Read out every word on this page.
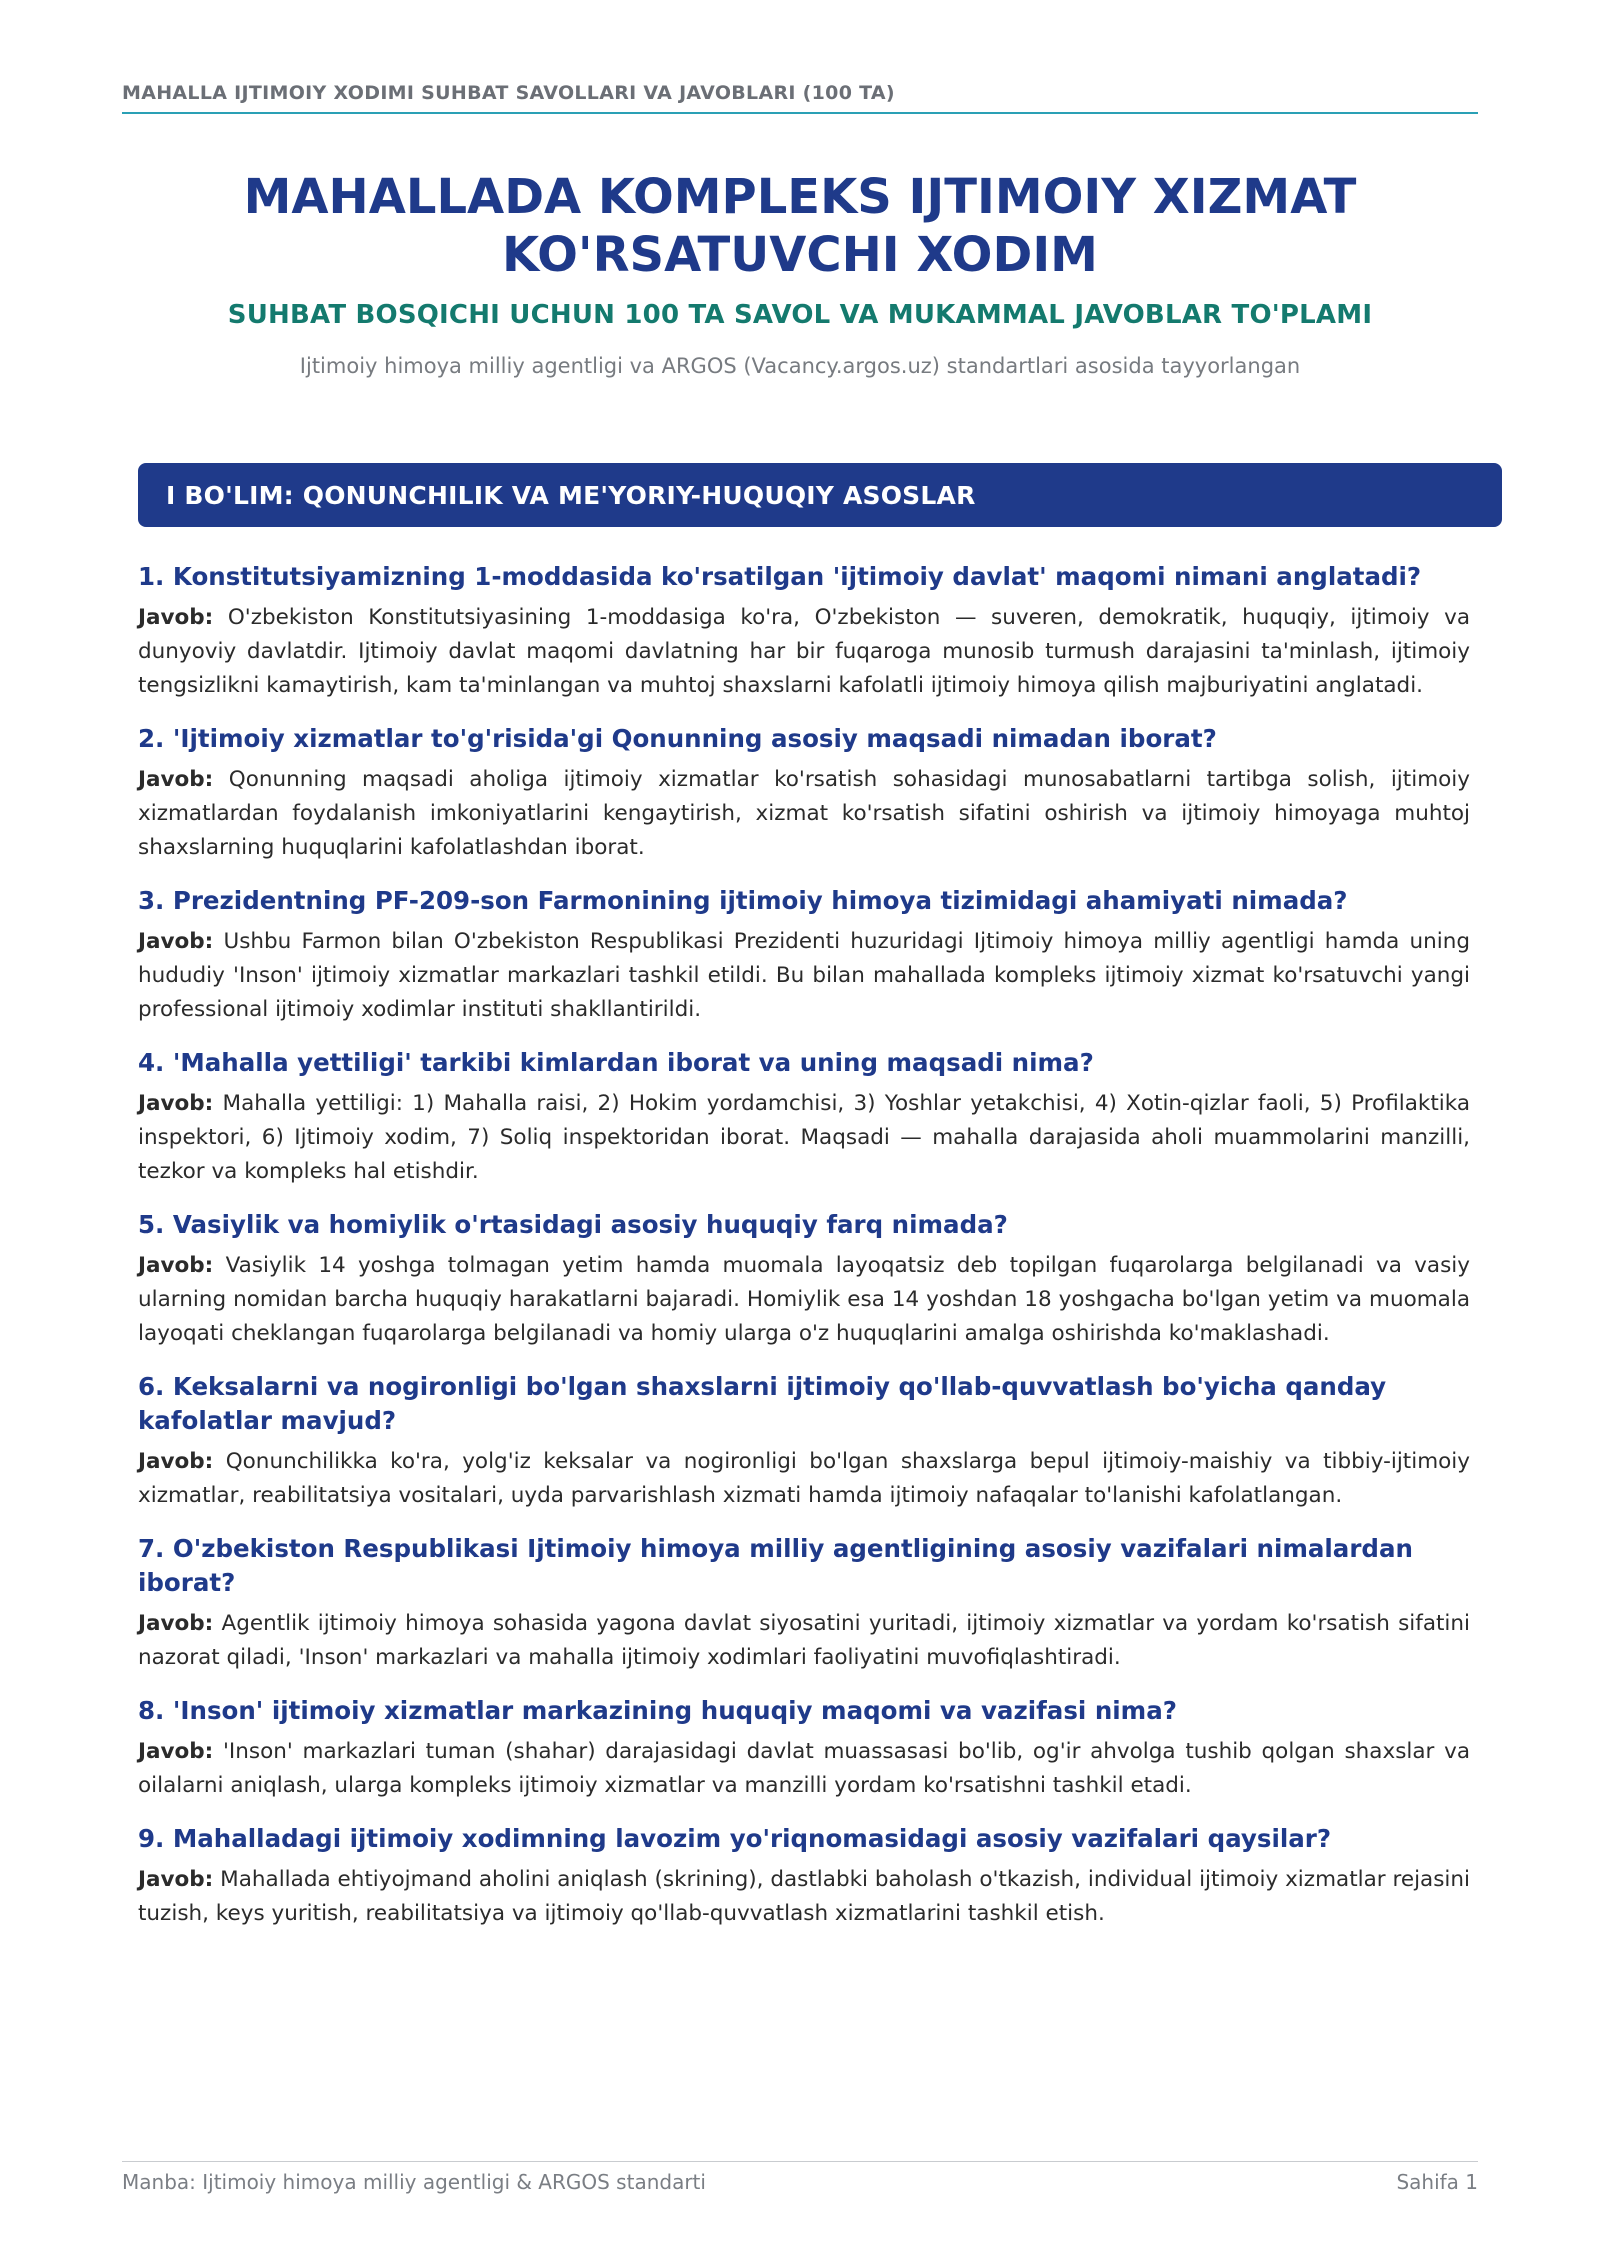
MAHALLA IJTIMOIY XODIMI SUHBAT SAVOLLARI VA JAVOBLARI (100 TA)
MAHALLADA KOMPLEKS IJTIMOIY XIZMAT
KO'RSATUVCHI XODIM

SUHBAT BOSQICHI UCHUN 100 TA SAVOL VA MUKAMMAL JAVOBLAR TO'PLAMI

Ijtimoiy himoya milliy agentligi va ARGOS (Vacancy.argos.uz) standartlari asosida tayyorlangan

I BO'LIM: QONUNCHILIK VA ME'YORIY-HUQUQIY ASOSLAR

1. Konstitutsiyamizning 1-moddasida ko'rsatilgan 'ijtimoiy davlat' maqomi nimani anglatadi?

Javob: O'zbekiston Konstitutsiyasining 1-moddasiga ko'ra, O'zbekiston — suveren, demokratik, huquqiy, ijtimoiy va dunyoviy davlatdir. Ijtimoiy davlat maqomi davlatning har bir fuqaroga munosib turmush darajasini ta'minlash, ijtimoiy tengsizlikni kamaytirish, kam ta'minlangan va muhtoj shaxslarni kafolatli ijtimoiy himoya qilish majburiyatini anglatadi.

2. 'Ijtimoiy xizmatlar to'g'risida'gi Qonunning asosiy maqsadi nimadan iborat?

Javob: Qonunning maqsadi aholiga ijtimoiy xizmatlar ko'rsatish sohasidagi munosabatlarni tartibga solish, ijtimoiy xizmatlardan foydalanish imkoniyatlarini kengaytirish, xizmat ko'rsatish sifatini oshirish va ijtimoiy himoyaga muhtoj shaxslarning huquqlarini kafolatlashdan iborat.

3. Prezidentning PF-209-son Farmonining ijtimoiy himoya tizimidagi ahamiyati nimada?

Javob: Ushbu Farmon bilan O'zbekiston Respublikasi Prezidenti huzuridagi Ijtimoiy himoya milliy agentligi hamda uning hududiy 'Inson' ijtimoiy xizmatlar markazlari tashkil etildi. Bu bilan mahallada kompleks ijtimoiy xizmat ko'rsatuvchi yangi professional ijtimoiy xodimlar instituti shakllantirildi.

4. 'Mahalla yettiligi' tarkibi kimlardan iborat va uning maqsadi nima?

Javob: Mahalla yettiligi: 1) Mahalla raisi, 2) Hokim yordamchisi, 3) Yoshlar yetakchisi, 4) Xotin-qizlar faoli, 5) Profilaktika inspektori, 6) Ijtimoiy xodim, 7) Soliq inspektoridan iborat. Maqsadi — mahalla darajasida aholi muammolarini manzilli, tezkor va kompleks hal etishdir.

5. Vasiylik va homiylik o'rtasidagi asosiy huquqiy farq nimada?

Javob: Vasiylik 14 yoshga tolmagan yetim hamda muomala layoqatsiz deb topilgan fuqarolarga belgilanadi va vasiy ularning nomidan barcha huquqiy harakatlarni bajaradi. Homiylik esa 14 yoshdan 18 yoshgacha bo'lgan yetim va muomala layoqati cheklangan fuqarolarga belgilanadi va homiy ularga o'z huquqlarini amalga oshirishda ko'maklashadi.

6. Keksalarni va nogironligi bo'lgan shaxslarni ijtimoiy qo'llab-quvvatlash bo'yicha qanday kafolatlar mavjud?

Javob: Qonunchilikka ko'ra, yolg'iz keksalar va nogironligi bo'lgan shaxslarga bepul ijtimoiy-maishiy va tibbiy-ijtimoiy xizmatlar, reabilitatsiya vositalari, uyda parvarishlash xizmati hamda ijtimoiy nafaqalar to'lanishi kafolatlangan.

7. O'zbekiston Respublikasi Ijtimoiy himoya milliy agentligining asosiy vazifalari nimalardan iborat?

Javob: Agentlik ijtimoiy himoya sohasida yagona davlat siyosatini yuritadi, ijtimoiy xizmatlar va yordam ko'rsatish sifatini nazorat qiladi, 'Inson' markazlari va mahalla ijtimoiy xodimlari faoliyatini muvofiqlashtiradi.

8. 'Inson' ijtimoiy xizmatlar markazining huquqiy maqomi va vazifasi nima?

Javob: 'Inson' markazlari tuman (shahar) darajasidagi davlat muassasasi bo'lib, og'ir ahvolga tushib qolgan shaxslar va oilalarni aniqlash, ularga kompleks ijtimoiy xizmatlar va manzilli yordam ko'rsatishni tashkil etadi.

9. Mahalladagi ijtimoiy xodimning lavozim yo'riqnomasidagi asosiy vazifalari qaysilar?

Javob: Mahallada ehtiyojmand aholini aniqlash (skrining), dastlabki baholash o'tkazish, individual ijtimoiy xizmatlar rejasini tuzish, keys yuritish, reabilitatsiya va ijtimoiy qo'llab-quvvatlash xizmatlarini tashkil etish.

Manba: Ijtimoiy himoya milliy agentligi & ARGOS standarti	Sahifa 1
